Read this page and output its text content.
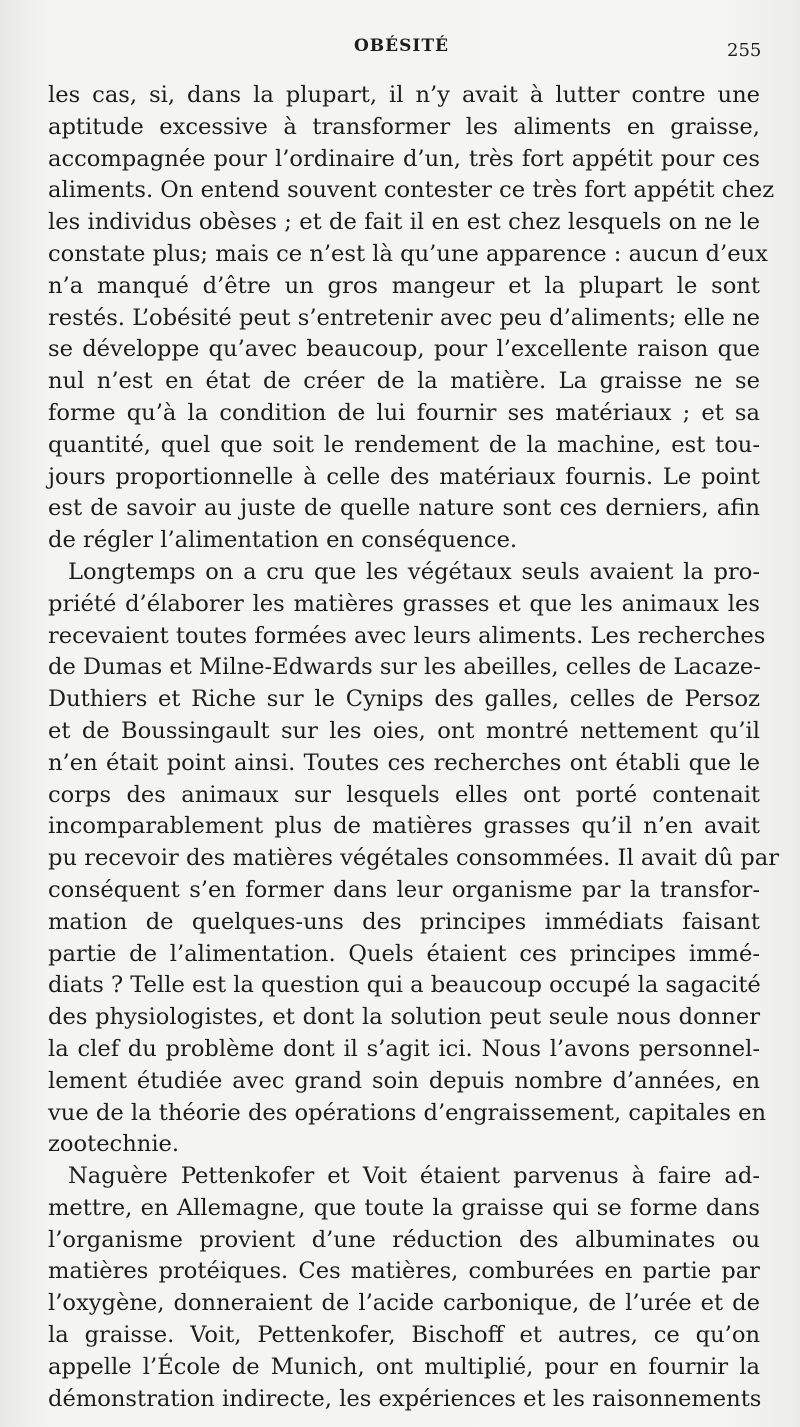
OBÉSITÉ	255
les cas, si, dans la plupart, il n’y avait à lutter contre une
aptitude excessive à transformer les aliments en graisse,
accompagnée pour l’ordinaire d’un, très fort appétit pour ces
aliments. On entend souvent contester ce très fort appétit chez
les individus obèses ; et de fait il en est chez lesquels on ne le
constate plus; mais ce n’est là qu’une apparence : aucun d’eux
n’a manqué d’être un gros mangeur et la plupart le sont
restés. L’obésité peut s’entretenir avec peu d’aliments; elle ne
se développe qu’avec beaucoup, pour l’excellente raison que
nul n’est en état de créer de la matière. La graisse ne se
forme qu’à la condition de lui fournir ses matériaux ; et sa
quantité, quel que soit le rendement de la machine, est tou-
jours proportionnelle à celle des matériaux fournis. Le point
est de savoir au juste de quelle nature sont ces derniers, afin
de régler l’alimentation en conséquence.
Longtemps on a cru que les végétaux seuls avaient la pro-
priété d’élaborer les matières grasses et que les animaux les
recevaient toutes formées avec leurs aliments. Les recherches
de Dumas et Milne-Edwards sur les abeilles, celles de Lacaze-
Duthiers et Riche sur le Cynips des galles, celles de Persoz
et de Boussingault sur les oies, ont montré nettement qu’il
n’en était point ainsi. Toutes ces recherches ont établi que le
corps des animaux sur lesquels elles ont porté contenait
incomparablement plus de matières grasses qu’il n’en avait
pu recevoir des matières végétales consommées. Il avait dû par
conséquent s’en former dans leur organisme par la transfor-
mation de quelques-uns des principes immédiats faisant
partie de l’alimentation. Quels étaient ces principes immé-
diats ? Telle est la question qui a beaucoup occupé la sagacité
des physiologistes, et dont la solution peut seule nous donner
la clef du problème dont il s’agit ici. Nous l’avons personnel-
lement étudiée avec grand soin depuis nombre d’années, en
vue de la théorie des opérations d’engraissement, capitales en
zootechnie.
Naguère Pettenkofer et Voit étaient parvenus à faire ad-
mettre, en Allemagne, que toute la graisse qui se forme dans
l’organisme provient d’une réduction des albuminates ou
matières protéiques. Ces matières, comburées en partie par
l’oxygène, donneraient de l’acide carbonique, de l’urée et de
la graisse. Voit, Pettenkofer, Bischoff et autres, ce qu’on
appelle l’École de Munich, ont multiplié, pour en fournir la
démonstration indirecte, les expériences et les raisonnements
